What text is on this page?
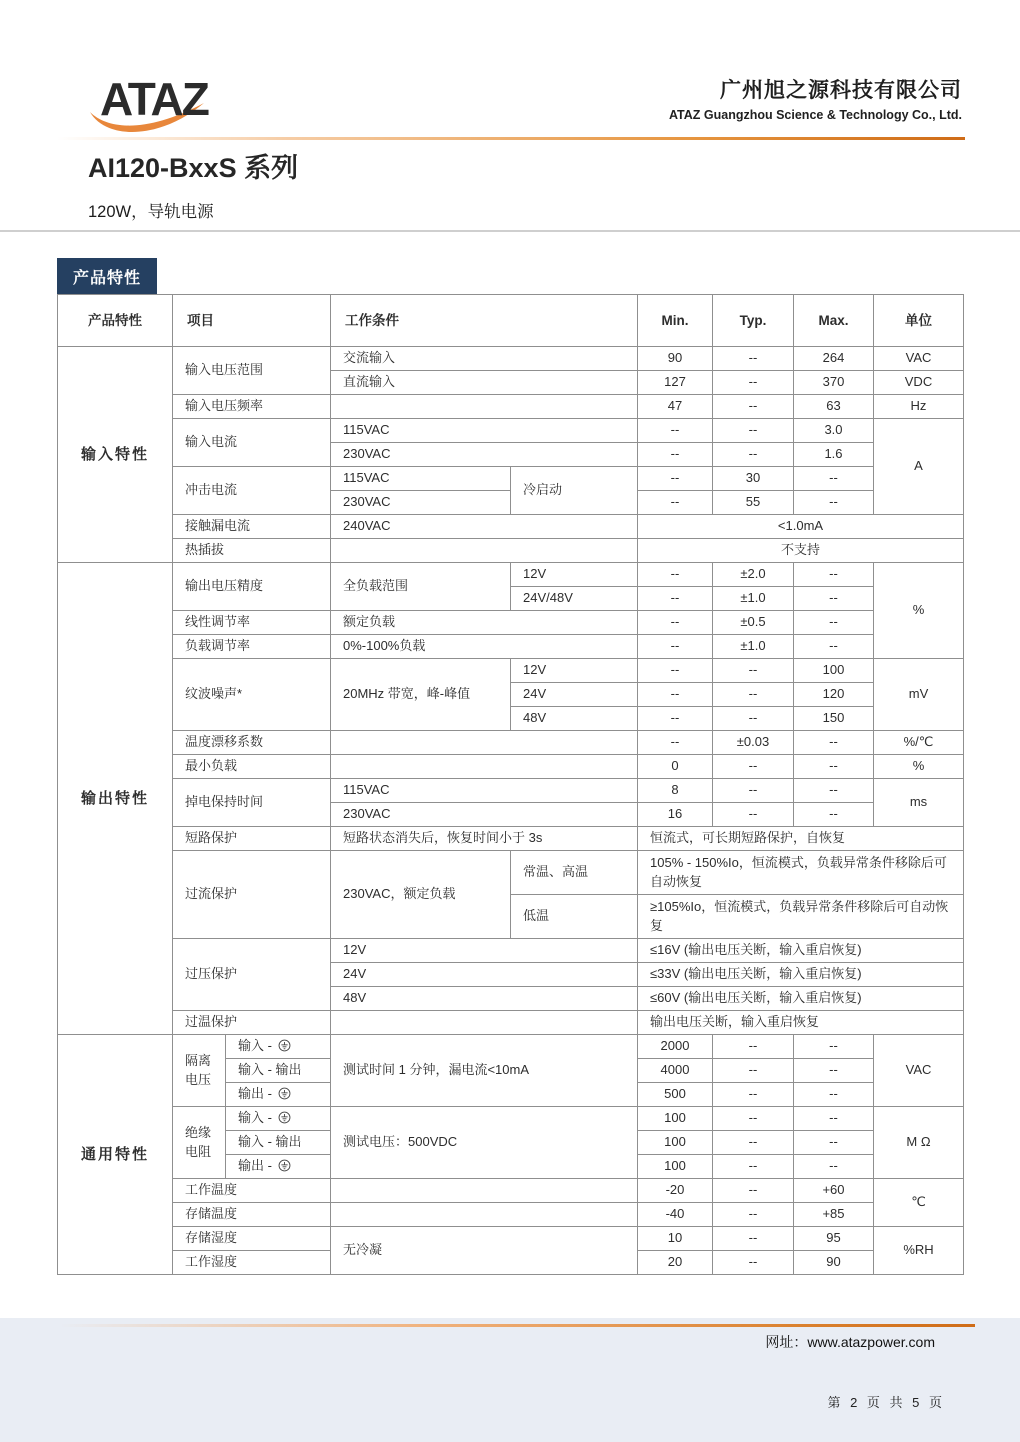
ATAZ	广州旭之源科技有限公司
ATAZ Guangzhou Science & Technology Co., Ltd.
AI120-BxxS 系列
120W，导轨电源
产品特性
产品特性	项目		工作条件		Min.	Typ.	Max.	单位
输入特性	输入电压范围		交流输入		90	--	264	VAC
			直流输入		127	--	370	VDC
	输入电压频率				47	--	63	Hz
	输入电流		115VAC		--	--	3.0	A
			230VAC		--	--	1.6	
	冲击电流		115VAC	冷启动	--	30	--	
			230VAC		--	55	--	
	接触漏电流		240VAC		<1.0mA			
	热插拔				不支持			
输出特性	输出电压精度		全负载范围	12V	--	±2.0	--	%
				24V/48V	--	±1.0	--	
	线性调节率		额定负载		--	±0.5	--	
	负载调节率		0%-100%负载		--	±1.0	--	
	纹波噪声*		20MHz 带宽，峰-峰值	12V	--	--	100	mV
				24V	--	--	120	
				48V	--	--	150	
	温度漂移系数				--	±0.03	--	%/℃
	最小负载				0	--	--	%
	掉电保持时间		115VAC		8	--	--	ms
			230VAC		16	--	--	
	短路保护		短路状态消失后，恢复时间小于 3s		恒流式，可长期短路保护，自恢复			
	过流保护		230VAC，额定负载	常温、高温	105% - 150%Io，恒流模式，负载异常条件移除后可自动恢复			
				低温	≥105%Io，恒流模式，负载异常条件移除后可自动恢复			
	过压保护		12V		≤16V (输出电压关断，输入重启恢复)			
			24V		≤33V (输出电压关断，输入重启恢复)			
			48V		≤60V (输出电压关断，输入重启恢复)			
	过温保护				输出电压关断，输入重启恢复			
通用特性	隔离电压	输入 -	测试时间 1 分钟，漏电流<10mA		2000	--	--	VAC
		输入 - 输出			4000	--	--	
		输出 -			500	--	--	
	绝缘电阻	输入 -	测试电压：500VDC		100	--	--	M Ω
		输入 - 输出			100	--	--	
		输出 -			100	--	--	
	工作温度				-20	--	+60	℃
	存储温度				-40	--	+85	
	存储湿度		无冷凝		10	--	95	%RH
	工作湿度				20	--	90	
网址：www.atazpower.com
第 2 页 共 5 页
